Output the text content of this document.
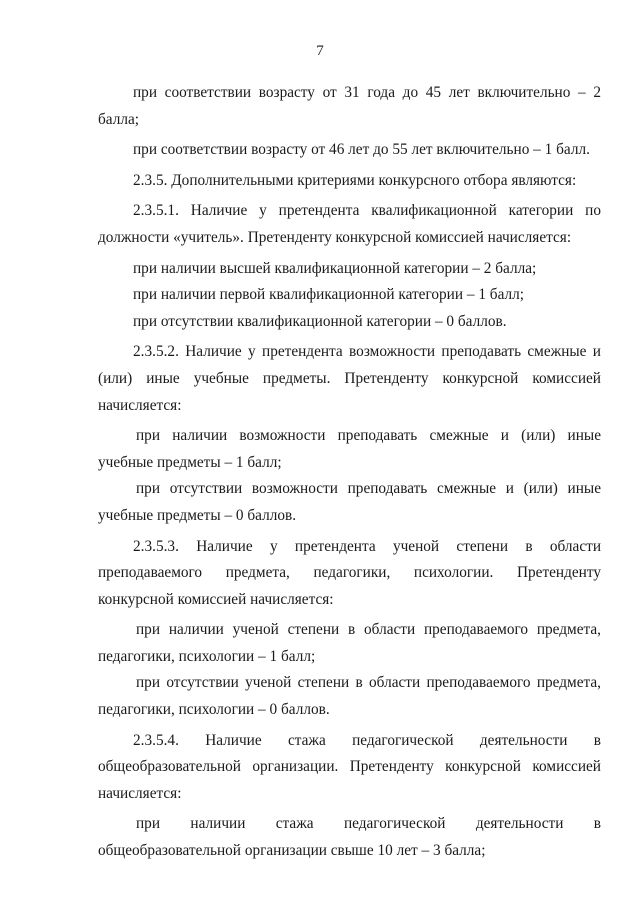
7

при соответствии возрасту от 31 года до 45 лет включительно – 2 балла;

при соответствии возрасту от 46 лет до 55 лет включительно – 1 балл.

2.3.5. Дополнительными критериями конкурсного отбора являются:

2.3.5.1. Наличие у претендента квалификационной категории по должности «учитель». Претенденту конкурсной комиссией начисляется:

при наличии высшей квалификационной категории – 2 балла;

при наличии первой квалификационной категории – 1 балл;

при отсутствии квалификационной категории – 0 баллов.

2.3.5.2. Наличие у претендента возможности преподавать смежные и (или) иные учебные предметы. Претенденту конкурсной комиссией начисляется:

при наличии возможности преподавать смежные и (или) иные учебные предметы – 1 балл;

при отсутствии возможности преподавать смежные и (или) иные учебные предметы – 0 баллов.

2.3.5.3. Наличие у претендента ученой степени в области преподаваемого предмета, педагогики, психологии. Претенденту конкурсной комиссией начисляется:

при наличии ученой степени в области преподаваемого предмета, педагогики, психологии – 1 балл;

при отсутствии ученой степени в области преподаваемого предмета, педагогики, психологии – 0 баллов.

2.3.5.4. Наличие стажа педагогической деятельности в общеобразовательной организации. Претенденту конкурсной комиссией начисляется:

при наличии стажа педагогической деятельности в общеобразовательной организации свыше 10 лет – 3 балла;
